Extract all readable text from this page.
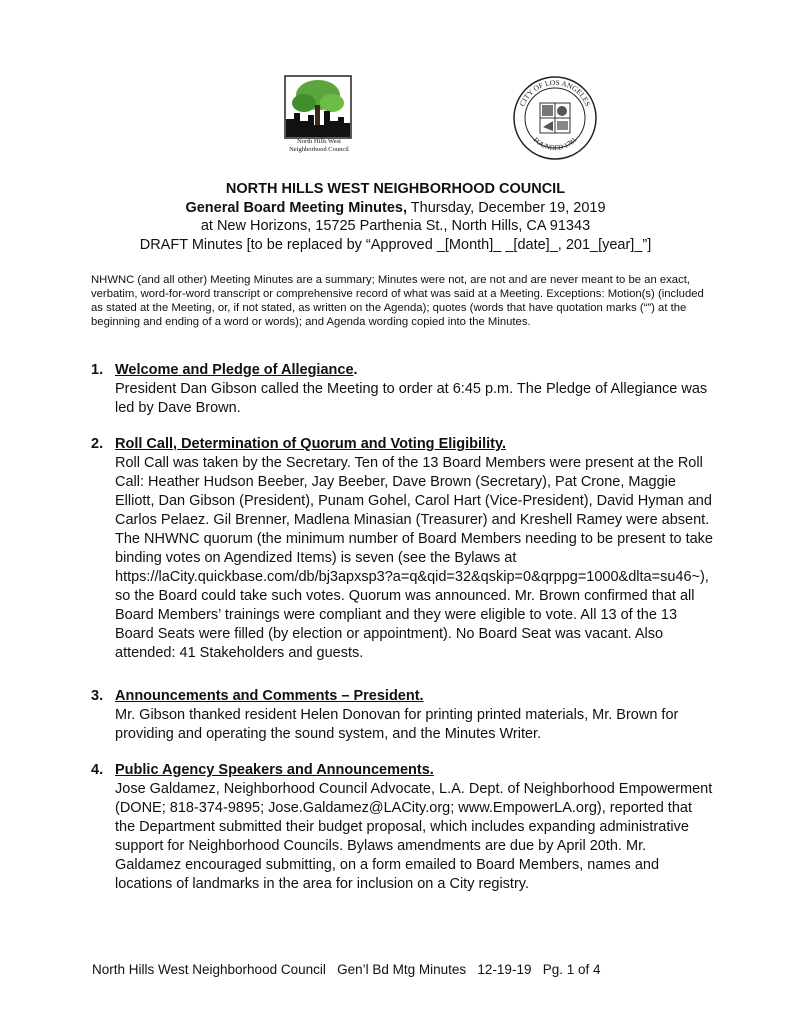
North Hills West
Neighborhood Council
CITY OF LOS ANGELES
FOUNDED 1781
NORTH HILLS WEST NEIGHBORHOOD COUNCIL
General Board Meeting Minutes, Thursday, December 19, 2019
at New Horizons, 15725 Parthenia St., North Hills, CA 91343
DRAFT Minutes [to be replaced by “Approved _[Month]_ _[date]_, 201_[year]_”]
NHWNC (and all other) Meeting Minutes are a summary; Minutes were not, are not and are never meant to be an exact, verbatim, word-for-word transcript or comprehensive record of what was said at a Meeting. Exceptions: Motion(s) (included as stated at the Meeting, or, if not stated, as written on the Agenda); quotes (words that have quotation marks (“”) at the beginning and ending of a word or words); and Agenda wording copied into the Minutes.
1. Welcome and Pledge of Allegiance.
President Dan Gibson called the Meeting to order at 6:45 p.m. The Pledge of Allegiance was led by Dave Brown.
2. Roll Call, Determination of Quorum and Voting Eligibility.
Roll Call was taken by the Secretary. Ten of the 13 Board Members were present at the Roll Call: Heather Hudson Beeber, Jay Beeber, Dave Brown (Secretary), Pat Crone, Maggie Elliott, Dan Gibson (President), Punam Gohel, Carol Hart (Vice-President), David Hyman and Carlos Pelaez. Gil Brenner, Madlena Minasian (Treasurer) and Kreshell Ramey were absent. The NHWNC quorum (the minimum number of Board Members needing to be present to take binding votes on Agendized Items) is seven (see the Bylaws at https://laCity.quickbase.com/db/bj3apxsp3?a=q&qid=32&qskip=0&qrppg=1000&dlta=su46~), so the Board could take such votes. Quorum was announced. Mr. Brown confirmed that all Board Members’ trainings were compliant and they were eligible to vote. All 13 of the 13 Board Seats were filled (by election or appointment). No Board Seat was vacant. Also attended: 41 Stakeholders and guests.
3. Announcements and Comments – President.
Mr. Gibson thanked resident Helen Donovan for printing printed materials, Mr. Brown for providing and operating the sound system, and the Minutes Writer.
4. Public Agency Speakers and Announcements.
Jose Galdamez, Neighborhood Council Advocate, L.A. Dept. of Neighborhood Empowerment (DONE; 818-374-9895; Jose.Galdamez@LACity.org; www.EmpowerLA.org), reported that the Department submitted their budget proposal, which includes expanding administrative support for Neighborhood Councils. Bylaws amendments are due by April 20th. Mr. Galdamez encouraged submitting, on a form emailed to Board Members, names and locations of landmarks in the area for inclusion on a City registry.
North Hills West Neighborhood Council   Gen’l Bd Mtg Minutes   12-19-19   Pg. 1 of 4
